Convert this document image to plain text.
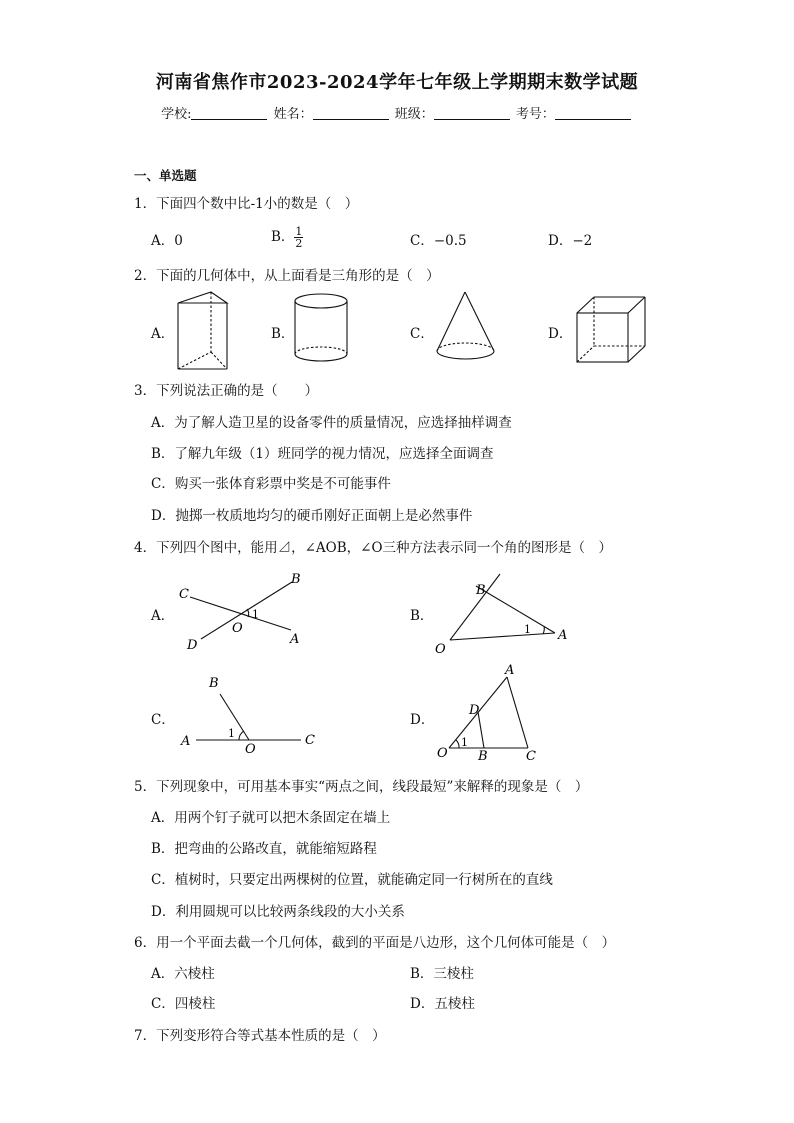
河南省焦作市2023-2024学年七年级上学期期末数学试题
学校:	姓名：	班级：	考号：
一、单选题
1．下面四个数中比-1小的数是（　）
A．0	B． $\frac{1}{2}$	C．−0.5	D．−2
2．下面的几何体中，从上面看是三角形的是（　）
A．	B．	C．	D．
3．下列说法正确的是（　　）
A．为了解人造卫星的设备零件的质量情况，应选择抽样调查
B．了解九年级（1）班同学的视力情况，应选择全面调查
C．购买一张体育彩票中奖是不可能事件
D．抛掷一枚质地均匀的硬币刚好正面朝上是必然事件
4．下列四个图中，能用⊿，∠AOB，∠O三种方法表示同一个角的图形是（　）
A．	B．
C．	D．
C
B
1
O
D	A
B
1 A
O
B
A
1
O
C
A
D
O
1
B	C
5．下列现象中，可用基本事实“两点之间，线段最短”来解释的现象是（　）
A．用两个钉子就可以把木条固定在墙上
B．把弯曲的公路改直，就能缩短路程
C．植树时，只要定出两棵树的位置，就能确定同一行树所在的直线
D．利用圆规可以比较两条线段的大小关系
6．用一个平面去截一个几何体，截到的平面是八边形，这个几何体可能是（　）
A．六棱柱	B．三棱柱
C．四棱柱	D．五棱柱
7．下列变形符合等式基本性质的是（　）
